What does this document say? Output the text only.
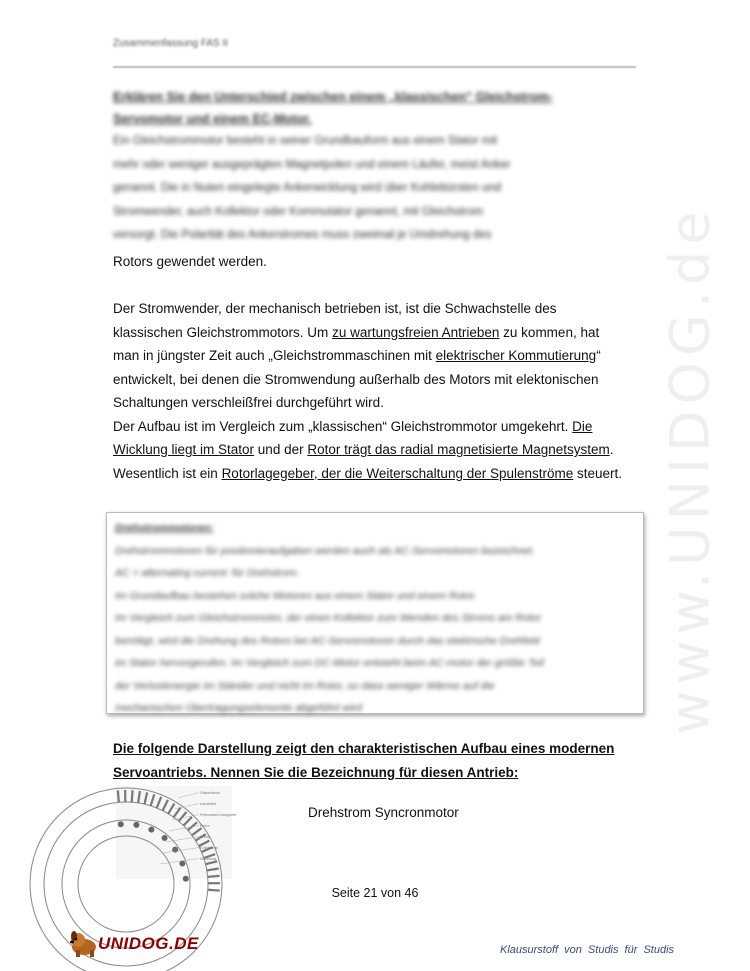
www.UNIDOG.de
Zusammenfassung FAS II
Erklären Sie den Unterschied zwischen einem „klassischen“ Gleichstrom-
Servomotor und einem EC-Motor.
Ein Gleichstrommotor besteht in seiner Grundbauform aus einem Stator mit
mehr oder weniger ausgeprägten Magnetpolen und einem Läufer, meist Anker
genannt. Die in Nuten eingelegte Ankerwicklung wird über Kohlebürsten und
Stromwender, auch Kollektor oder Kommutator genannt, mit Gleichstrom
versorgt. Die Polarität des Ankerstromes muss zweimal je Umdrehung des
Rotors gewendet werden.
Der Stromwender, der mechanisch betrieben ist, ist die Schwachstelle des
klassischen Gleichstrommotors. Um zu wartungsfreien Antrieben zu kommen, hat
man in jüngster Zeit auch „Gleichstrommaschinen mit elektrischer Kommutierung“
entwickelt, bei denen die Stromwendung außerhalb des Motors mit elektonischen
Schaltungen verschleißfrei durchgeführt wird.
Der Aufbau ist im Vergleich zum „klassischen“ Gleichstrommotor umgekehrt. Die
Wicklung liegt im Stator und der Rotor trägt das radial magnetisierte Magnetsystem.
Wesentlich ist ein Rotorlagegeber, der die Weiterschaltung der Spulenströme steuert.
Drehstrommotoren:
Drehstrommotoren für positionieraufgaben werden auch als AC-Servomotoren bezeichnet.
AC = alternating current: für Drehstrom.
Im Grundaufbau bestehen solche Motoren aus einem Stator und einem Rotor.
Im Vergleich zum Gleichstrommotor, der einen Kollektor zum Wenden des Stroms am Rotor
benötigt, wird die Drehung des Rotors bei AC-Servomotoren durch das elektrische Drehfeld
im Stator hervorgerufen. Im Vergleich zum DC-Motor entsteht beim AC-motor der größte Teil
der Verlustenergie im Ständer und nicht im Rotor, so dass weniger Wärme auf die
mechanischen Übertragungselemente abgeführt wird
Die folgende Darstellung zeigt den charakteristischen Aufbau eines modernen
Servoantriebs. Nennen Sie die Bezeichnung für diesen Antrieb:
Drehstrom Syncronmotor
Statorblech
Lamellen
Permanent-magnete
Rotor
Welle
Kühlkanal
Wicklung
Seite 21 von 46
UNIDOG.DE	Klausurstoff von Studis für Studis
